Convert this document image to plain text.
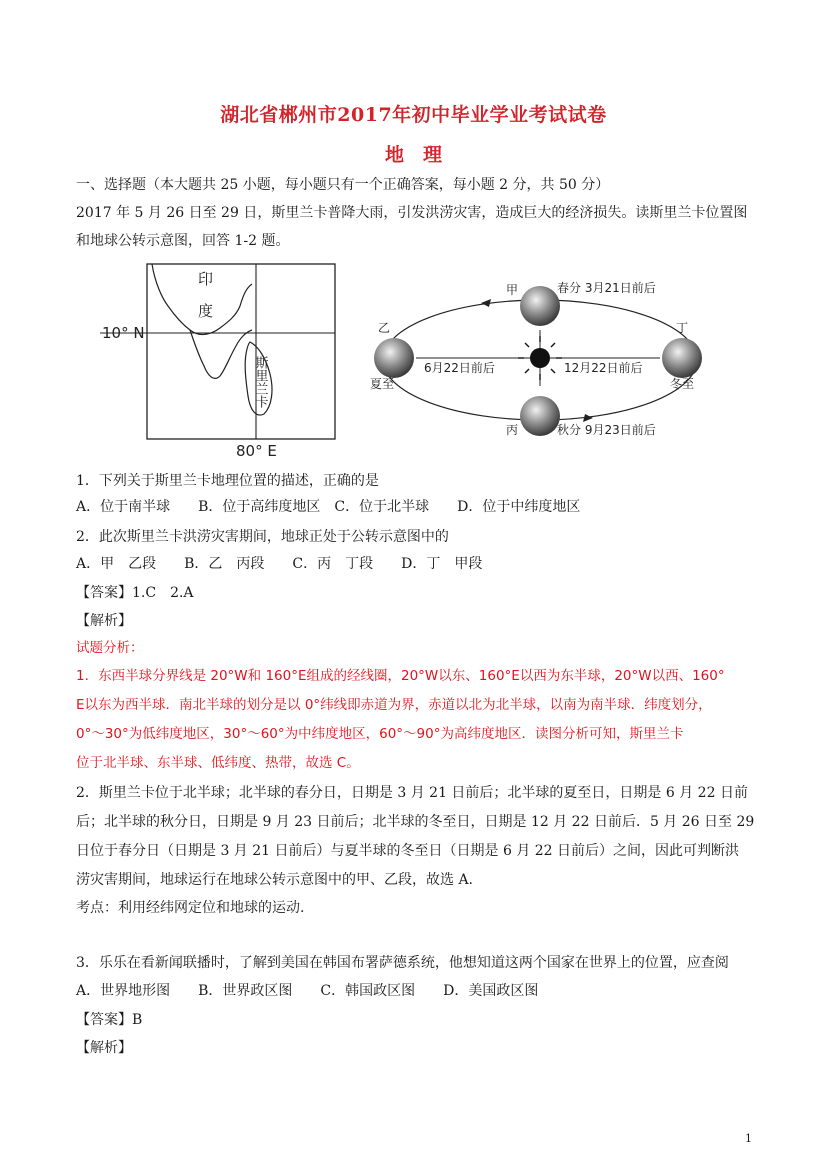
湖北省郴州市2017年初中毕业学业考试试卷
地　理
一、选择题（本大题共 25 小题，每小题只有一个正确答案，每小题 2 分，共 50 分）
2017 年 5 月 26 日至 29 日，斯里兰卡普降大雨，引发洪涝灾害，造成巨大的经济损失。读斯里兰卡位置图
和地球公转示意图，回答 1-2 题。
印
度
10° N
斯里兰卡
80° E
甲	春分 3月21日前后
乙
6月22日前后
夏至
丁
12月22日前后
冬至
丙	秋分 9月23日前后
1．下列关于斯里兰卡地理位置的描述，正确的是
A．位于南半球　　B．位于高纬度地区　C．位于北半球　　D．位于中纬度地区
2．此次斯里兰卡洪涝灾害期间，地球正处于公转示意图中的
A．甲　乙段　　B．乙　丙段　　C．丙　丁段　　D．丁　甲段
【答案】1.C　2.A
【解析】
试题分析：
1．东西半球分界线是 20°W和 160°E组成的经线圈，20°W以东、160°E以西为东半球，20°W以西、160°
E以东为西半球．南北半球的划分是以 0°纬线即赤道为界，赤道以北为北半球，以南为南半球．纬度划分，
0°～30°为低纬度地区，30°～60°为中纬度地区，60°～90°为高纬度地区．读图分析可知，斯里兰卡
位于北半球、东半球、低纬度、热带，故选 C。
2．斯里兰卡位于北半球；北半球的春分日，日期是 3 月 21 日前后；北半球的夏至日，日期是 6 月 22 日前
后；北半球的秋分日，日期是 9 月 23 日前后；北半球的冬至日，日期是 12 月 22 日前后．5 月 26 日至 29
日位于春分日（日期是 3 月 21 日前后）与夏半球的冬至日（日期是 6 月 22 日前后）之间，因此可判断洪
涝灾害期间，地球运行在地球公转示意图中的甲、乙段，故选 A.
考点：利用经纬网定位和地球的运动.
3．乐乐在看新闻联播时，了解到美国在韩国布署萨德系统，他想知道这两个国家在世界上的位置，应查阅
A．世界地形图　　B．世界政区图　　C．韩国政区图　　D．美国政区图
【答案】B
【解析】
1
